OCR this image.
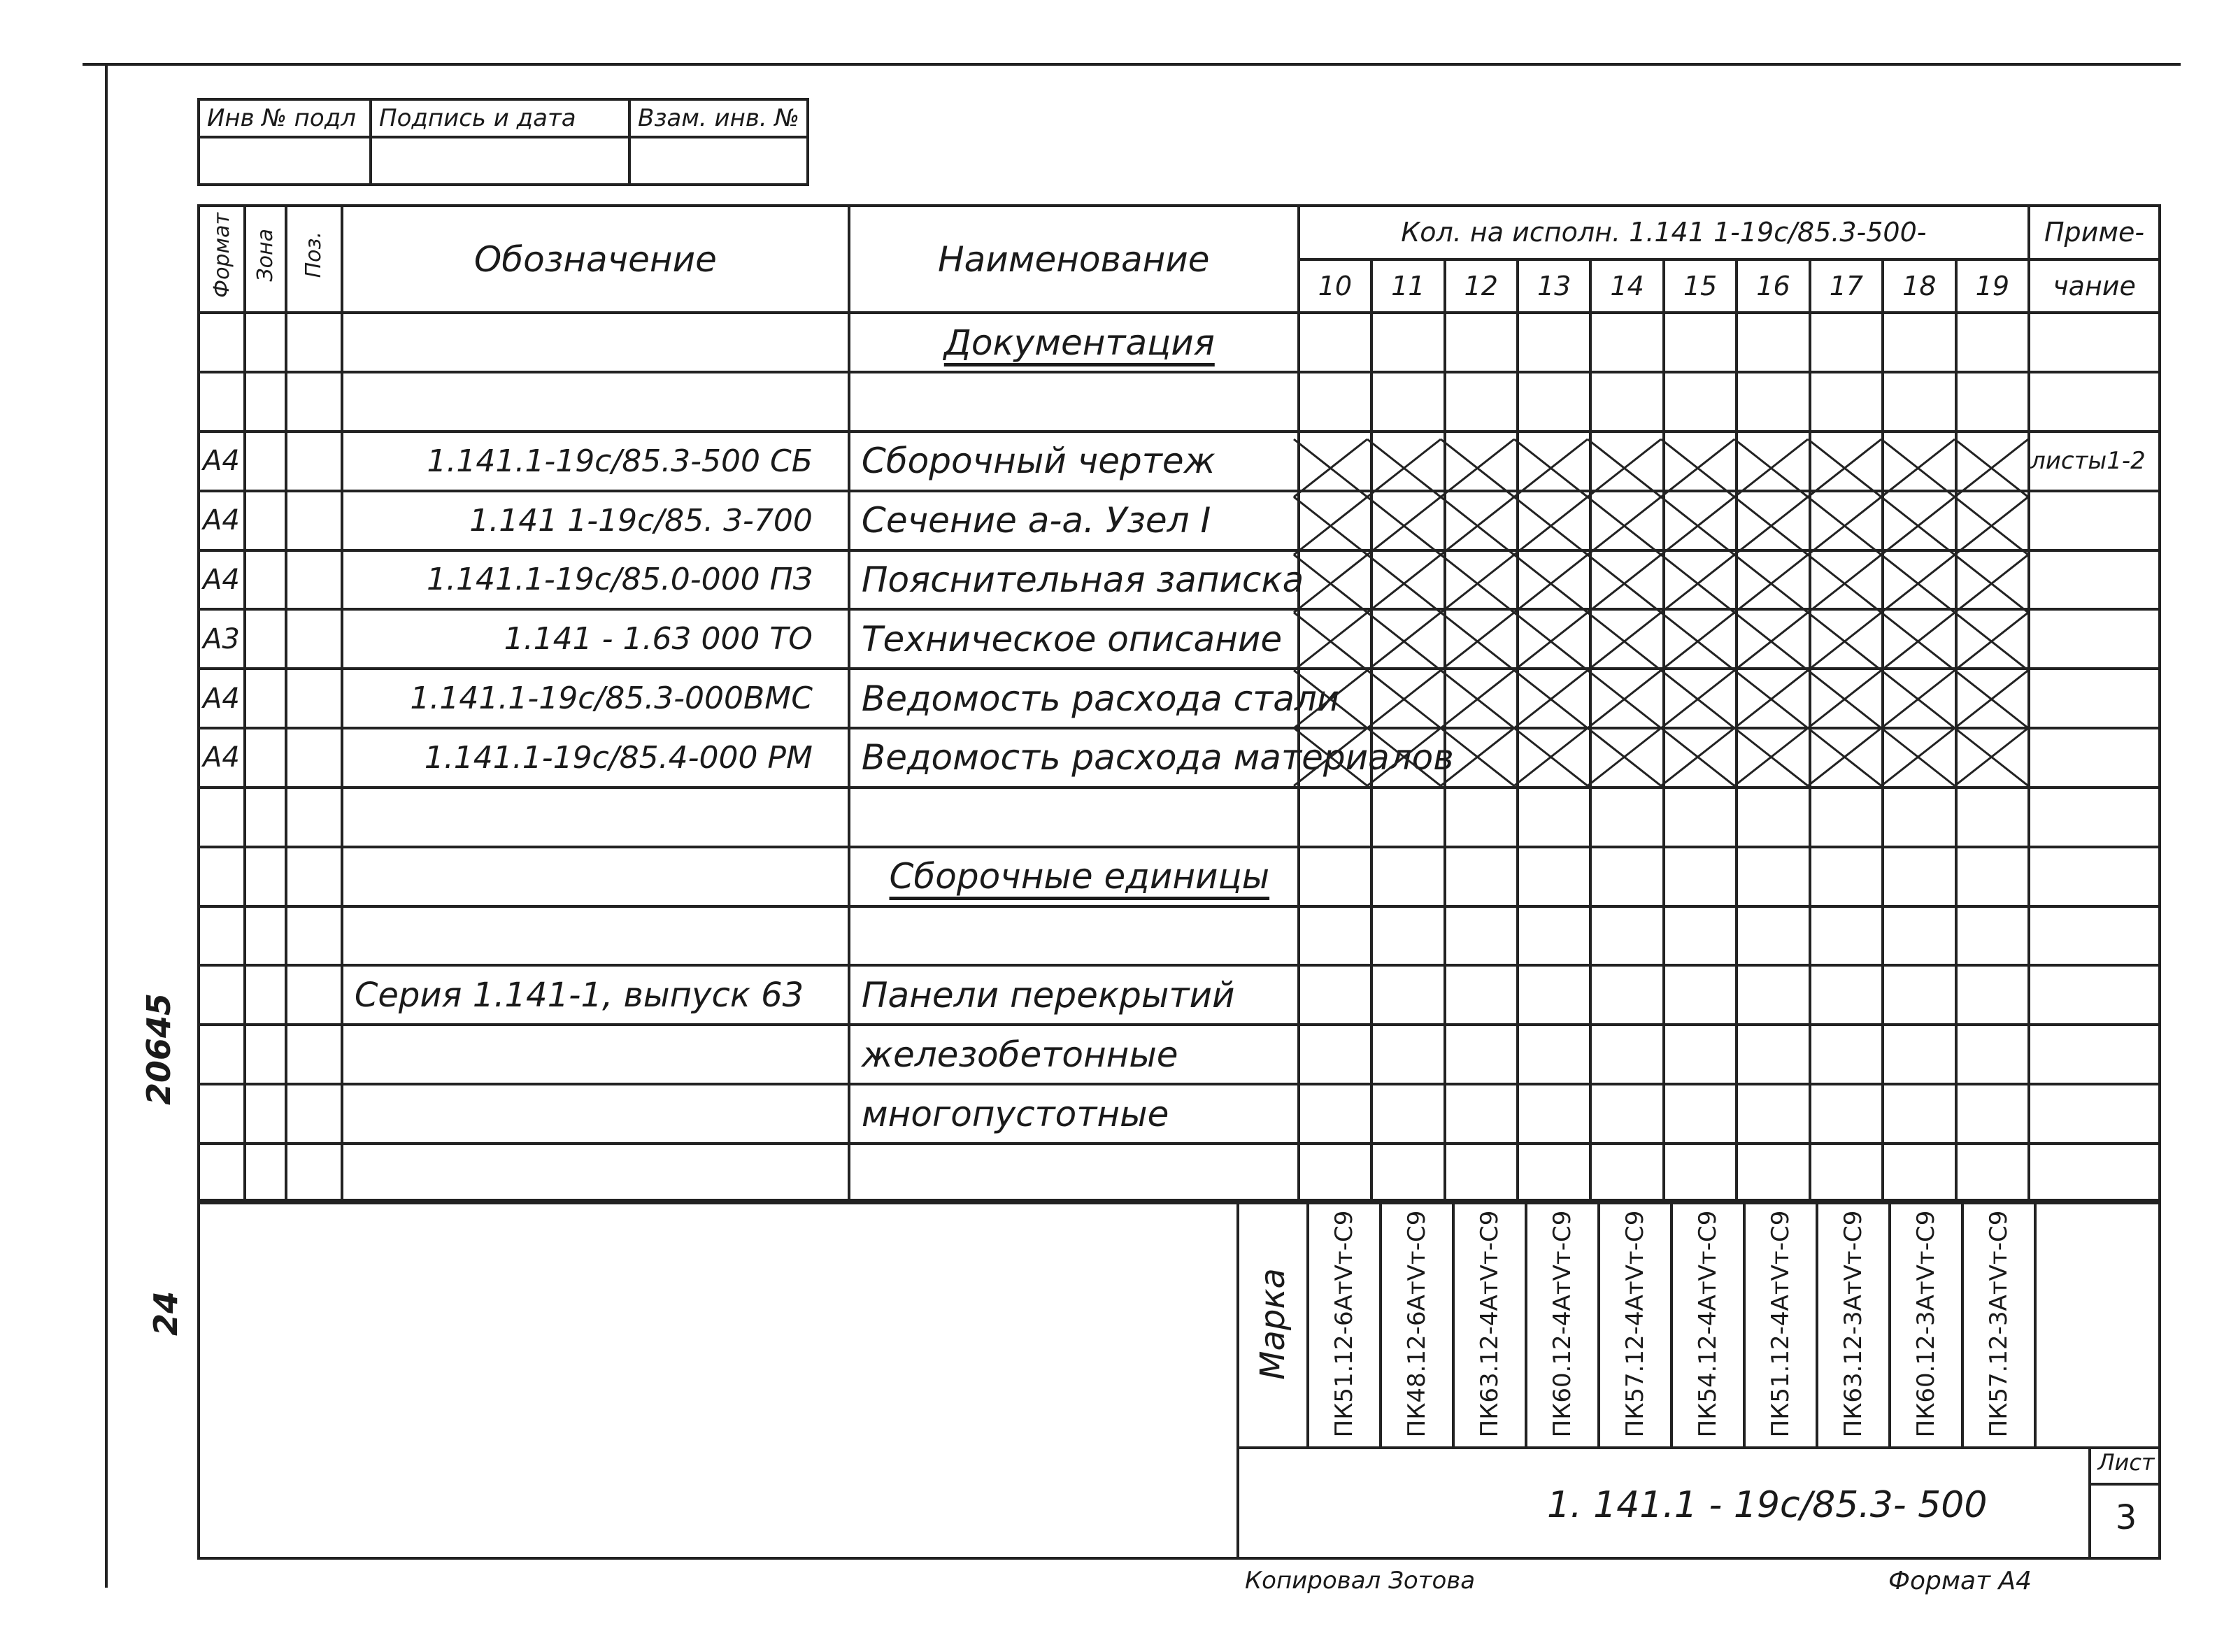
Инв № подл	Подпись и дата	Взам. инв. №

Формат	Зона	Поз.	Обозначение	Наименование	Кол. на исполн. 1.141 1-19с/85.3-500-										Приме-
					10	11	12	13	14	15	16	17	18	19	чание
				Документация											

А4			1.141.1-19с/85.3-500 СБ	Сборочный чертеж											листы1-2
А4			1.141 1-19с/85. 3-700	Сечение а-а. Узел I											
А4			1.141.1-19с/85.0-000 ПЗ	Пояснительная записка											
А3			1.141 - 1.63 000 ТО	Техническое описание											
А4			1.141.1-19с/85.3-000ВМС	Ведомость расхода стали											
А4			1.141.1-19с/85.4-000 РМ	Ведомость расхода материалов											

				Сборочные единицы											

			Серия 1.141-1, выпуск 63	Панели перекрытий											
				железобетонные											
				многопустотные											

Марка ПК51.12-6АтVт-С9 ПК48.12-6АтVт-С9 ПК63.12-4АтVт-С9 ПК60.12-4АтVт-С9 ПК57.12-4АтVт-С9 ПК54.12-4АтVт-С9 ПК51.12-4АтVт-С9 ПК63.12-3АтVт-С9 ПК60.12-3АтVт-С9 ПК57.12-3АтVт-С9
1. 141.1 - 19с/85.3- 500
Лист
3
20645
24
Копировал Зотова	Формат А4
